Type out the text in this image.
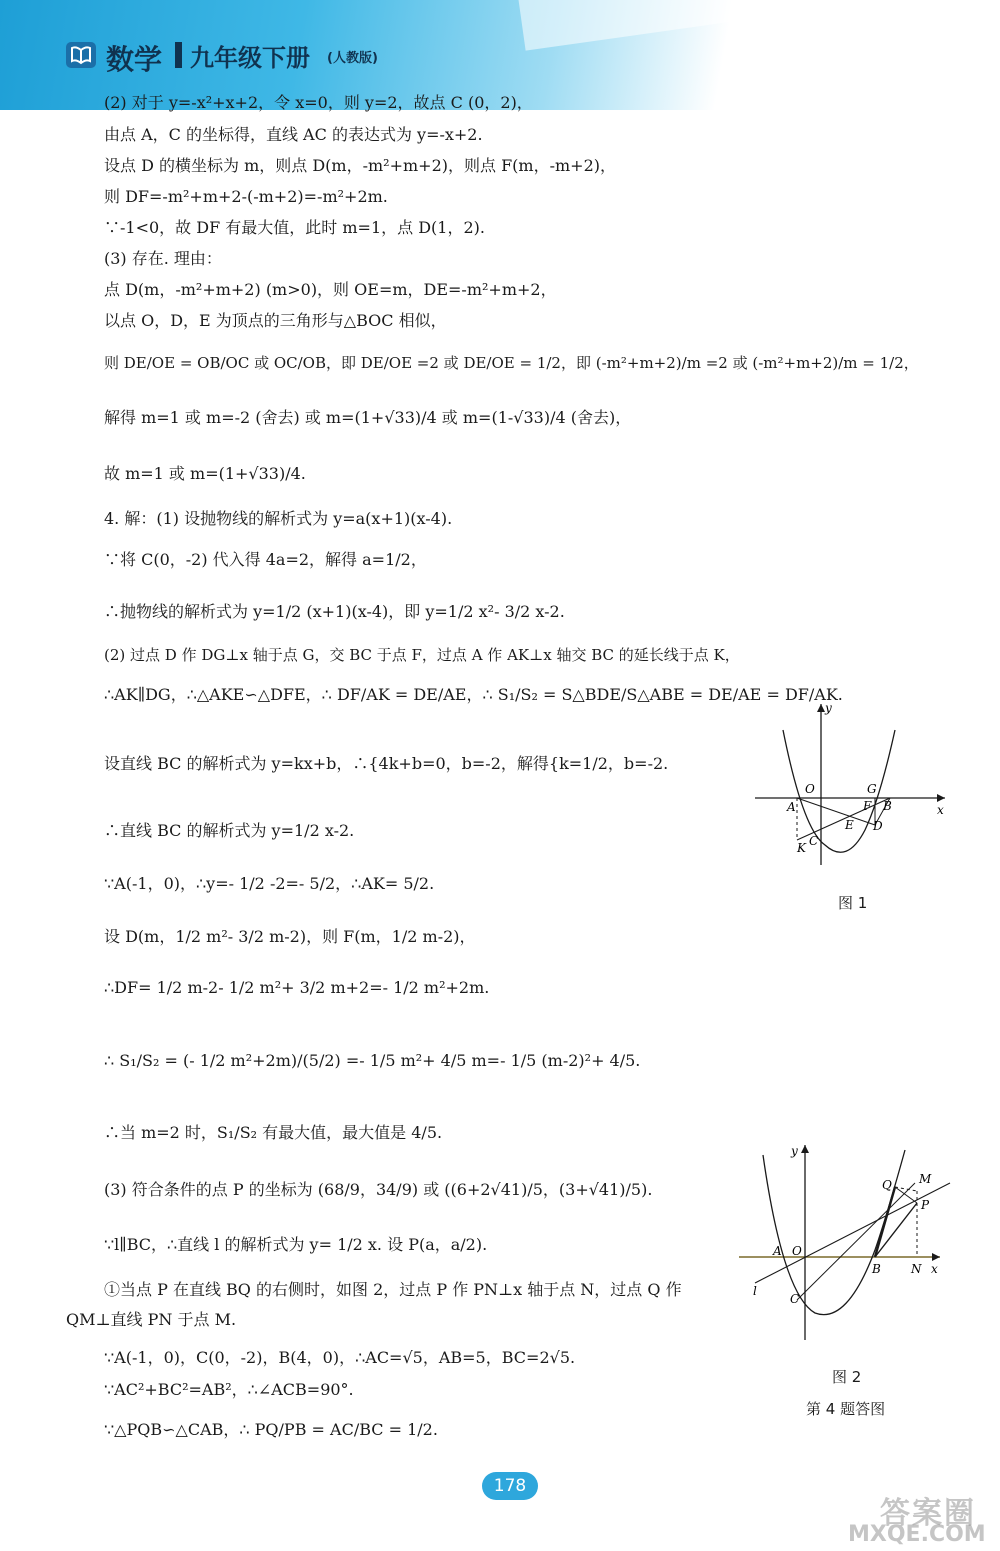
数学 九年级下册 (人教版)
(2) 对于 y=-x²+x+2，令 x=0，则 y=2，故点 C (0，2)，
由点 A，C 的坐标得，直线 AC 的表达式为 y=-x+2.
设点 D 的横坐标为 m，则点 D(m，-m²+m+2)，则点 F(m，-m+2)，
则 DF=-m²+m+2-(-m+2)=-m²+2m.
∵-1<0，故 DF 有最大值，此时 m=1，点 D(1，2).
(3) 存在. 理由：
点 D(m，-m²+m+2) (m>0)，则 OE=m，DE=-m²+m+2，
以点 O，D，E 为顶点的三角形与△BOC 相似，
则 DE/OE = OB/OC 或 OC/OB，即 DE/OE =2 或 DE/OE = 1/2，即 (-m²+m+2)/m =2 或 (-m²+m+2)/m = 1/2，
解得 m=1 或 m=-2 (舍去) 或 m=(1+√33)/4 或 m=(1-√33)/4 (舍去)，
故 m=1 或 m=(1+√33)/4.
4. 解：(1) 设抛物线的解析式为 y=a(x+1)(x-4).
∵将 C(0，-2) 代入得 4a=2，解得 a=1/2，
∴抛物线的解析式为 y=1/2 (x+1)(x-4)，即 y=1/2 x²- 3/2 x-2.
(2) 过点 D 作 DG⊥x 轴于点 G，交 BC 于点 F，过点 A 作 AK⊥x 轴交 BC 的延长线于点 K，
∴AK∥DG，∴△AKE∽△DFE，∴ DF/AK = DE/AE，∴ S₁/S₂ = S△BDE/S△ABE = DE/AE = DF/AK.
设直线 BC 的解析式为 y=kx+b，∴{4k+b=0，b=-2，解得{k=1/2，b=-2.
∴直线 BC 的解析式为 y=1/2 x-2.
∵A(-1，0)，∴y=- 1/2 -2=- 5/2，∴AK= 5/2.
设 D(m，1/2 m²- 3/2 m-2)，则 F(m，1/2 m-2)，
∴DF= 1/2 m-2- 1/2 m²+ 3/2 m+2=- 1/2 m²+2m.
∴ S₁/S₂ = (- 1/2 m²+2m)/(5/2) =- 1/5 m²+ 4/5 m=- 1/5 (m-2)²+ 4/5.
∴当 m=2 时，S₁/S₂ 有最大值，最大值是 4/5.
(3) 符合条件的点 P 的坐标为 (68/9，34/9) 或 ((6+2√41)/5，(3+√41)/5).
∵l∥BC，∴直线 l 的解析式为 y= 1/2 x. 设 P(a，a/2).
①当点 P 在直线 BQ 的右侧时，如图 2，过点 P 作 PN⊥x 轴于点 N，过点 Q 作
QM⊥直线 PN 于点 M.
∵A(-1，0)，C(0，-2)，B(4，0)，∴AC=√5，AB=5，BC=2√5.
∵AC²+BC²=AB²，∴∠ACB=90°.
∵△PQB∽△CAB，∴ PQ/PB = AC/BC = 1/2.
y
x
O	G
A	F B
E D
K C
图 1
y
x
M
Q
P
A O
B	N
l
C
图 2
第 4 题答图
178
答案圈
MXQE.COM
